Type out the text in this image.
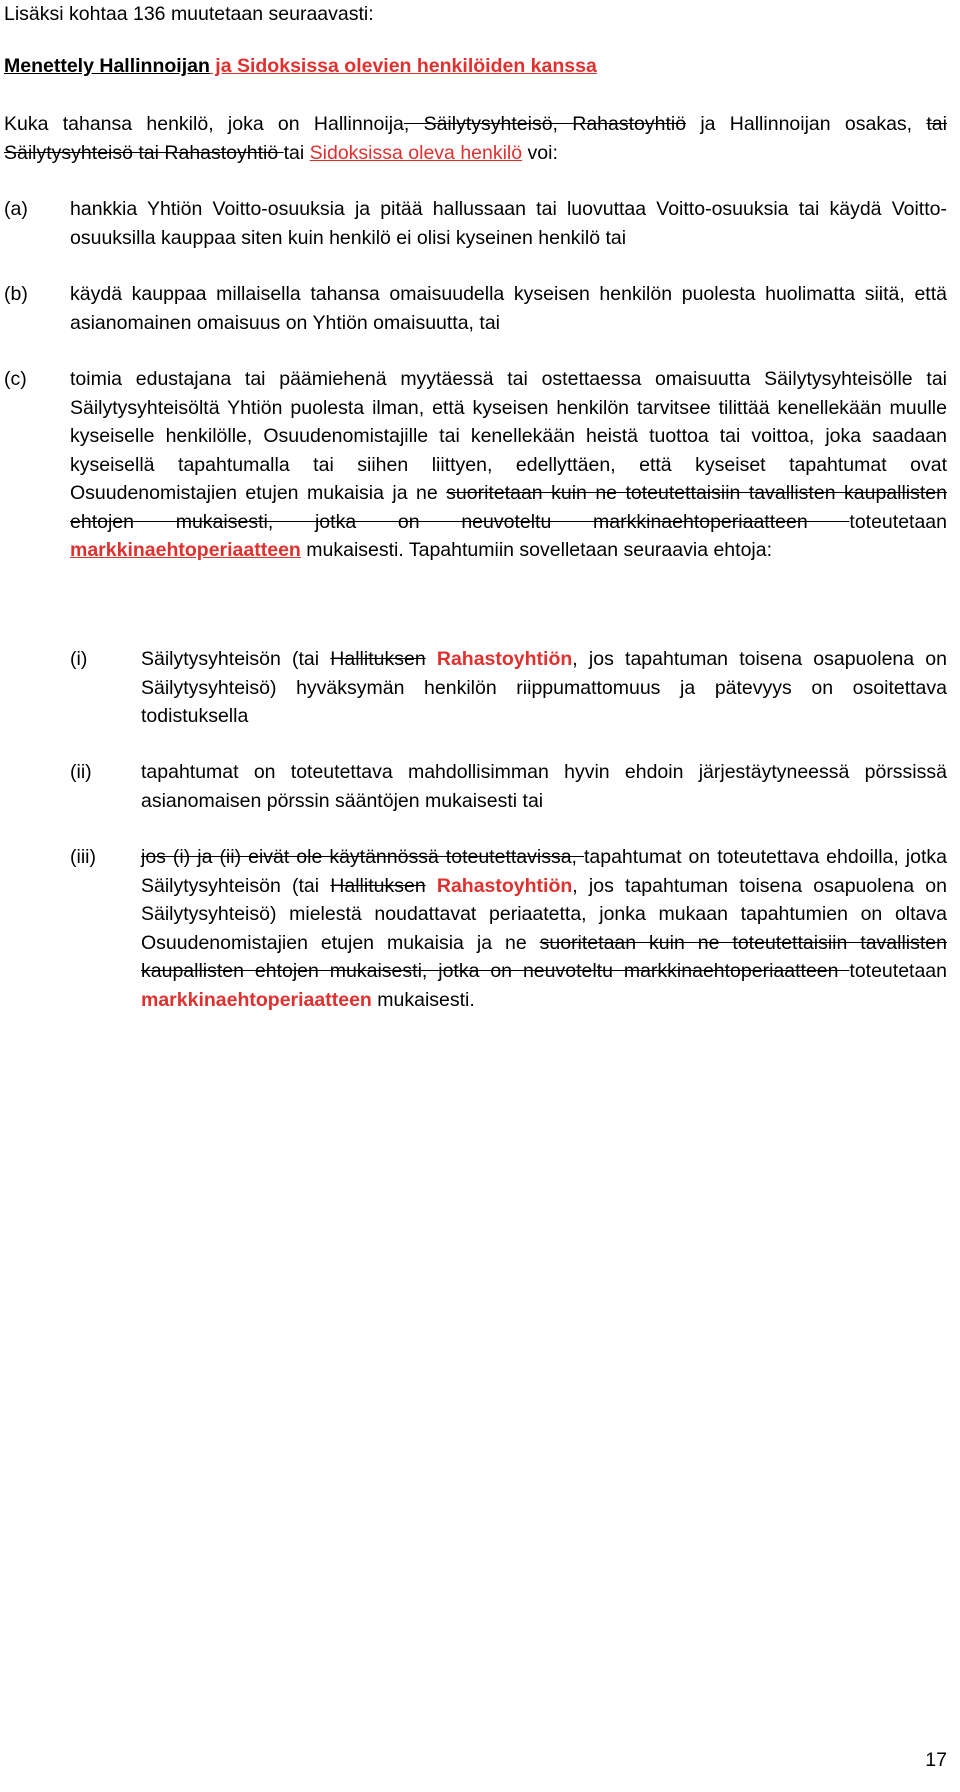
Lisäksi kohtaa 136 muutetaan seuraavasti:

Menettely Hallinnoijan ja Sidoksissa olevien henkilöiden kanssa

Kuka tahansa henkilö, joka on Hallinnoija, Säilytysyhteisö, Rahastoyhtiö ja Hallinnoijan osakas, tai Säilytysyhteisö tai Rahastoyhtiö tai Sidoksissa oleva henkilö voi:

(a) hankkia Yhtiön Voitto-osuuksia ja pitää hallussaan tai luovuttaa Voitto-osuuksia tai käydä Voitto-osuuksilla kauppaa siten kuin henkilö ei olisi kyseinen henkilö tai
(b) käydä kauppaa millaisella tahansa omaisuudella kyseisen henkilön puolesta huolimatta siitä, että asianomainen omaisuus on Yhtiön omaisuutta, tai
(c) toimia edustajana tai päämiehenä myytäessä tai ostettaessa omaisuutta Säilytysyhteisölle tai Säilytysyhteisöltä Yhtiön puolesta ilman, että kyseisen henkilön tarvitsee tilittää kenellekään muulle kyseiselle henkilölle, Osuudenomistajille tai kenellekään heistä tuottoa tai voittoa, joka saadaan kyseisellä tapahtumalla tai siihen liittyen, edellyttäen, että kyseiset tapahtumat ovat Osuudenomistajien etujen mukaisia ja ne suoritetaan kuin ne toteutettaisiin tavallisten kaupallisten ehtojen mukaisesti, jotka on neuvoteltu markkinaehtoperiaatteen toteutetaan markkinaehtoperiaatteen mukaisesti. Tapahtumiin sovelletaan seuraavia ehtoja:
(i)	Säilytysyhteisön (tai Hallituksen Rahastoyhtiön, jos tapahtuman toisena osapuolena on Säilytysyhteisö) hyväksymän henkilön riippumattomuus ja pätevyys on osoitettava todistuksella
(ii)	tapahtumat on toteutettava mahdollisimman hyvin ehdoin järjestäytyneessä pörssissä asianomaisen pörssin sääntöjen mukaisesti tai
(iii) jos (i) ja (ii) eivät ole käytännössä toteutettavissa, tapahtumat on toteutettava ehdoilla, jotka Säilytysyhteisön (tai Hallituksen Rahastoyhtiön, jos tapahtuman toisena osapuolena on Säilytysyhteisö) mielestä noudattavat periaatetta, jonka mukaan tapahtumien on oltava Osuudenomistajien etujen mukaisia ja ne suoritetaan kuin ne toteutettaisiin tavallisten kaupallisten ehtojen mukaisesti, jotka on neuvoteltu markkinaehtoperiaatteen toteutetaan markkinaehtoperiaatteen mukaisesti.
17
